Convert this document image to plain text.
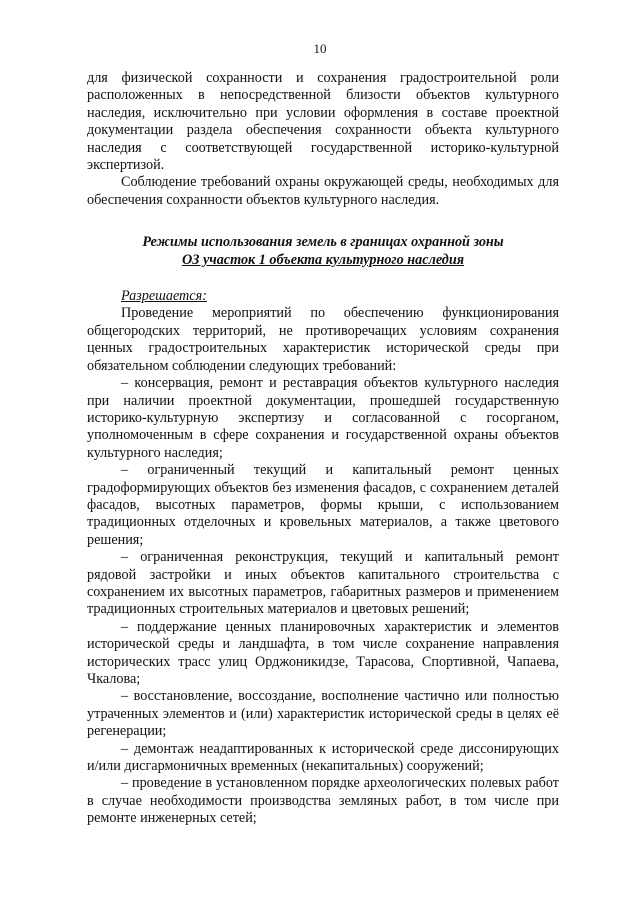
10

для физической сохранности и сохранения градостроительной роли расположенных в непосредственной близости объектов культурного наследия, исключительно при условии оформления в составе проектной документации раздела обеспечения сохранности объекта культурного наследия с соответствующей государственной историко-культурной экспертизой.

Соблюдение требований охраны окружающей среды, необходимых для обеспечения сохранности объектов культурного наследия.

Режимы использования земель в границах охранной зоны

ОЗ участок 1 объекта культурного наследия

Разрешается:

Проведение мероприятий по обеспечению функционирования общегородских территорий, не противоречащих условиям сохранения ценных градостроительных характеристик исторической среды при обязательном соблюдении следующих требований:

– консервация, ремонт и реставрация объектов культурного наследия при наличии проектной документации, прошедшей государственную историко-культурную экспертизу и согласованной с госорганом, уполномоченным в сфере сохранения и государственной охраны объектов культурного наследия;

– ограниченный текущий и капитальный ремонт ценных градоформирующих объектов без изменения фасадов, с сохранением деталей фасадов, высотных параметров, формы крыши, с использованием традиционных отделочных и кровельных материалов, а также цветового решения;

– ограниченная реконструкция, текущий и капитальный ремонт рядовой застройки и иных объектов капитального строительства с сохранением их высотных параметров, габаритных размеров и применением традиционных строительных материалов и цветовых решений;

– поддержание ценных планировочных характеристик и элементов исторической среды и ландшафта, в том числе сохранение направления исторических трасс улиц Орджоникидзе, Тарасова, Спортивной, Чапаева, Чкалова;

– восстановление, воссоздание, восполнение частично или полностью утраченных элементов и (или) характеристик исторической среды в целях её регенерации;

– демонтаж неадаптированных к исторической среде диссонирующих и/или дисгармоничных временных (некапитальных) сооружений;

– проведение в установленном порядке археологических полевых работ в случае необходимости производства земляных работ, в том числе при ремонте инженерных сетей;
